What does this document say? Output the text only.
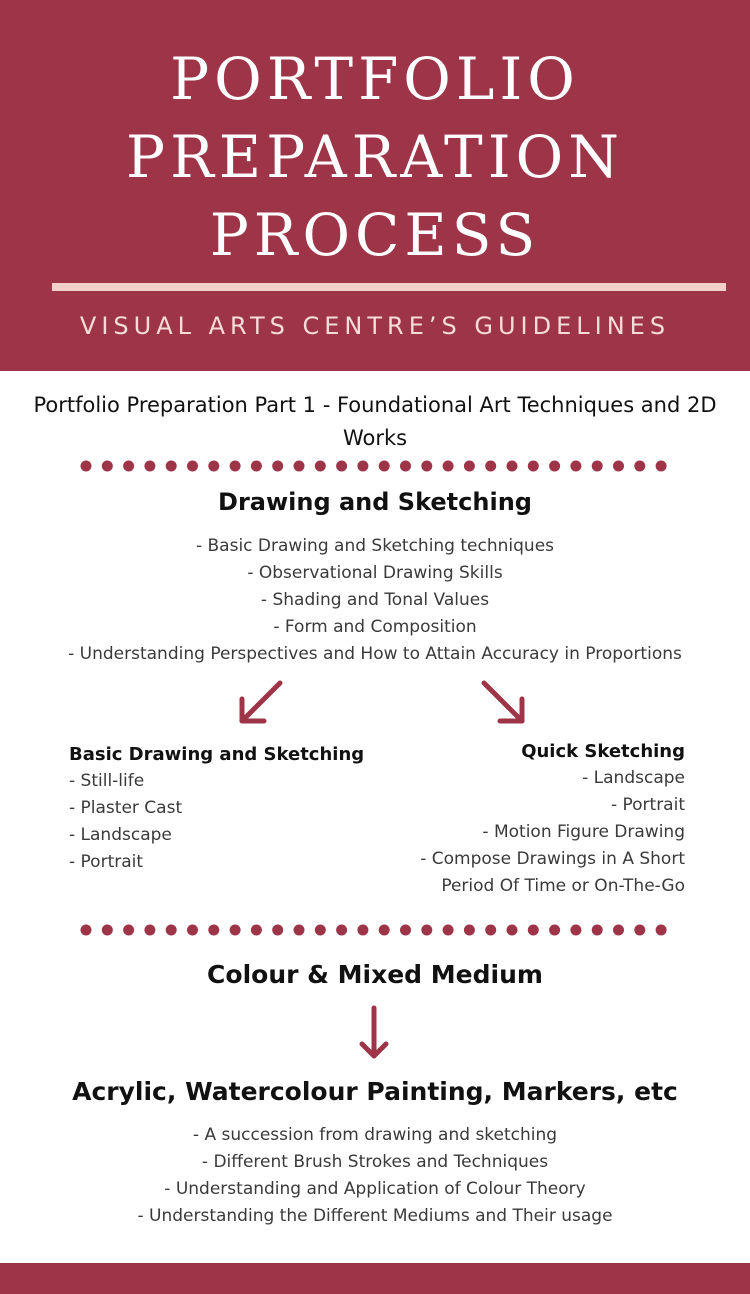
PORTFOLIO
PREPARATION
PROCESS
VISUAL ARTS CENTRE’S GUIDELINES
Portfolio Preparation Part 1 - Foundational Art Techniques and 2D Works
Drawing and Sketching
- Basic Drawing and Sketching techniques
- Observational Drawing Skills
- Shading and Tonal Values
- Form and Composition
- Understanding Perspectives and How to Attain Accuracy in Proportions
Basic Drawing and Sketching
- Still-life
- Plaster Cast
- Landscape
- Portrait
Quick Sketching
- Landscape
- Portrait
- Motion Figure Drawing
- Compose Drawings in A Short
Period Of Time or On-The-Go
Colour & Mixed Medium
Acrylic, Watercolour Painting, Markers, etc
- A succession from drawing and sketching
- Different Brush Strokes and Techniques
- Understanding and Application of Colour Theory
- Understanding the Different Mediums and Their usage
